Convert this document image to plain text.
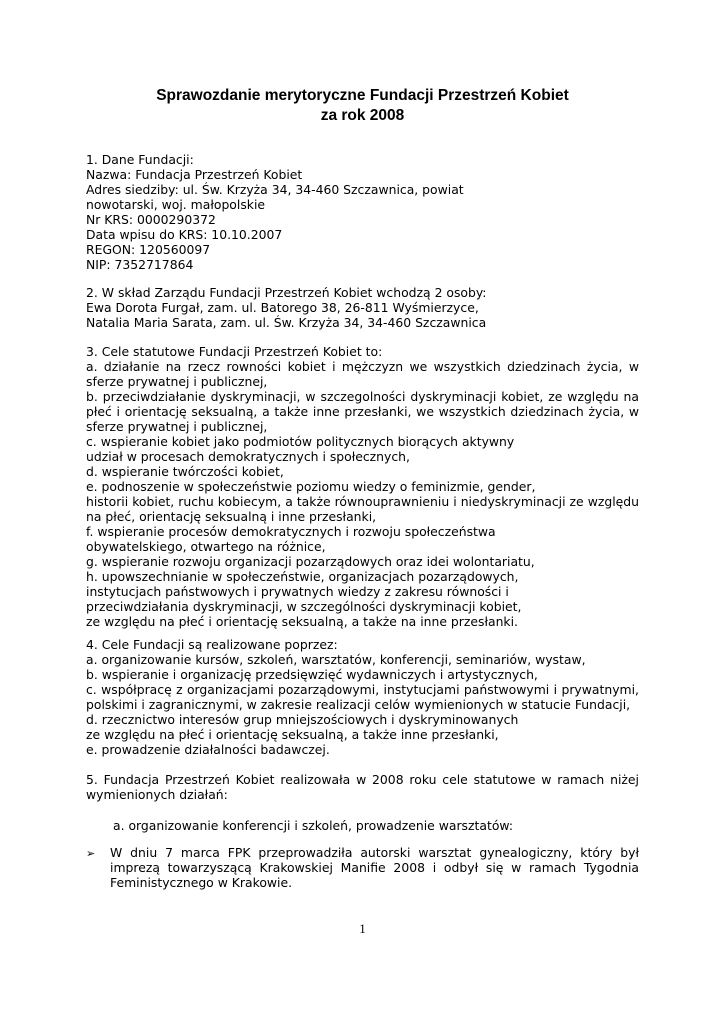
Sprawozdanie merytoryczne Fundacji Przestrzeń Kobiet
za rok 2008
1. Dane Fundacji:
Nazwa: Fundacja Przestrzeń Kobiet
Adres siedziby: ul. Św. Krzyża 34, 34-460 Szczawnica, powiat
nowotarski, woj. małopolskie
Nr KRS: 0000290372
Data wpisu do KRS: 10.10.2007
REGON: 120560097
NIP: 7352717864
2. W skład Zarządu Fundacji Przestrzeń Kobiet wchodzą 2 osoby:
Ewa Dorota Furgał, zam. ul. Batorego 38, 26-811 Wyśmierzyce,
Natalia Maria Sarata, zam. ul. Św. Krzyża 34, 34-460 Szczawnica
3. Cele statutowe Fundacji Przestrzeń Kobiet to:
a. działanie na rzecz rowności kobiet i mężczyzn we wszystkich dziedzinach życia, w
sferze prywatnej i publicznej,
b. przeciwdziałanie dyskryminacji, w szczegolności dyskryminacji kobiet, ze względu na
płeć i orientację seksualną, a także inne przesłanki, we wszystkich dziedzinach życia, w
sferze prywatnej i publicznej,
c. wspieranie kobiet jako podmiotów politycznych biorących aktywny
udział w procesach demokratycznych i społecznych,
d. wspieranie twórczości kobiet,
e. podnoszenie w społeczeństwie poziomu wiedzy o feminizmie, gender,
historii kobiet, ruchu kobiecym, a także równouprawnieniu i niedyskryminacji ze względu
na płeć, orientację seksualną i inne przesłanki,
f. wspieranie procesów demokratycznych i rozwoju społeczeństwa
obywatelskiego, otwartego na różnice,
g. wspieranie rozwoju organizacji pozarządowych oraz idei wolontariatu,
h. upowszechnianie w społeczeństwie, organizacjach pozarządowych,
instytucjach państwowych i prywatnych wiedzy z zakresu równości i
przeciwdziałania dyskryminacji, w szczególności dyskryminacji kobiet,
ze względu na płeć i orientację seksualną, a także na inne przesłanki.
4. Cele Fundacji są realizowane poprzez:
a. organizowanie kursów, szkoleń, warsztatów, konferencji, seminariów, wystaw,
b. wspieranie i organizację przedsięwzięć wydawniczych i artystycznych,
c. współpracę z organizacjami pozarządowymi, instytucjami państwowymi i prywatnymi,
polskimi i zagranicznymi, w zakresie realizacji celów wymienionych w statucie Fundacji,
d. rzecznictwo interesów grup mniejszościowych i dyskryminowanych
ze względu na płeć i orientację seksualną, a także inne przesłanki,
e. prowadzenie działalności badawczej.
5. Fundacja Przestrzeń Kobiet realizowała w 2008 roku cele statutowe w ramach niżej
wymienionych działań:
a. organizowanie konferencji i szkoleń, prowadzenie warsztatów:
➢ W dniu 7 marca FPK przeprowadziła autorski warsztat gynealogiczny, który był
imprezą towarzyszącą Krakowskiej Manifie 2008 i odbył się w ramach Tygodnia
Feministycznego w Krakowie.
1
